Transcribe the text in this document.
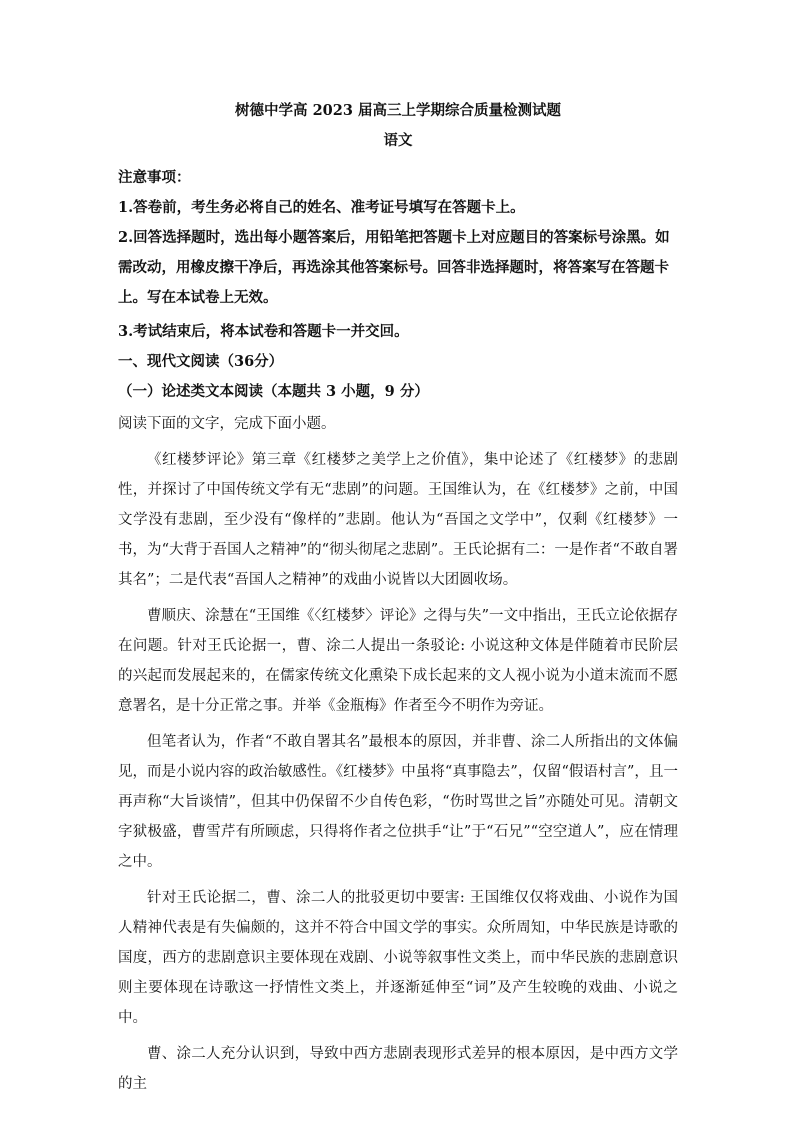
树德中学高 2023 届高三上学期综合质量检测试题

语文

注意事项：

1.答卷前，考生务必将自己的姓名、准考证号填写在答题卡上。

2.回答选择题时，选出每小题答案后，用铅笔把答题卡上对应题目的答案标号涂黑。如需改动，用橡皮擦干净后，再选涂其他答案标号。回答非选择题时，将答案写在答题卡上。写在本试卷上无效。

3.考试结束后，将本试卷和答题卡一并交回。

一、现代文阅读（36分）

（一）论述类文本阅读（本题共 3 小题，9 分）

阅读下面的文字，完成下面小题。

《红楼梦评论》第三章《红楼梦之美学上之价值》，集中论述了《红楼梦》的悲剧性，并探讨了中国传统文学有无“悲剧”的问题。王国维认为，在《红楼梦》之前，中国文学没有悲剧，至少没有“像样的”悲剧。他认为“吾国之文学中”，仅剩《红楼梦》一书，为“大背于吾国人之精神”的“彻头彻尾之悲剧”。王氏论据有二：一是作者“不敢自署其名”；二是代表“吾国人之精神”的戏曲小说皆以大团圆收场。

曹顺庆、涂慧在“王国维《〈红楼梦〉评论》之得与失”一文中指出，王氏立论依据存在问题。针对王氏论据一，曹、涂二人提出一条驳论: 小说这种文体是伴随着市民阶层的兴起而发展起来的，在儒家传统文化熏染下成长起来的文人视小说为小道末流而不愿意署名，是十分正常之事。并举《金瓶梅》作者至今不明作为旁证。

但笔者认为，作者“不敢自署其名”最根本的原因，并非曹、涂二人所指出的文体偏见，而是小说内容的政治敏感性。《红楼梦》中虽将“真事隐去”，仅留“假语村言”，且一再声称“大旨谈情”，但其中仍保留不少自传色彩，“伤时骂世之旨”亦随处可见。清朝文字狱极盛，曹雪芹有所顾虑，只得将作者之位拱手“让”于“石兄”“空空道人”，应在情理之中。

针对王氏论据二，曹、涂二人的批驳更切中要害: 王国维仅仅将戏曲、小说作为国人精神代表是有失偏颇的，这并不符合中国文学的事实。众所周知，中华民族是诗歌的国度，西方的悲剧意识主要体现在戏剧、小说等叙事性文类上，而中华民族的悲剧意识则主要体现在诗歌这一抒情性文类上，并逐渐延伸至“词”及产生较晚的戏曲、小说之中。

曹、涂二人充分认识到，导致中西方悲剧表现形式差异的根本原因，是中西方文学的主
